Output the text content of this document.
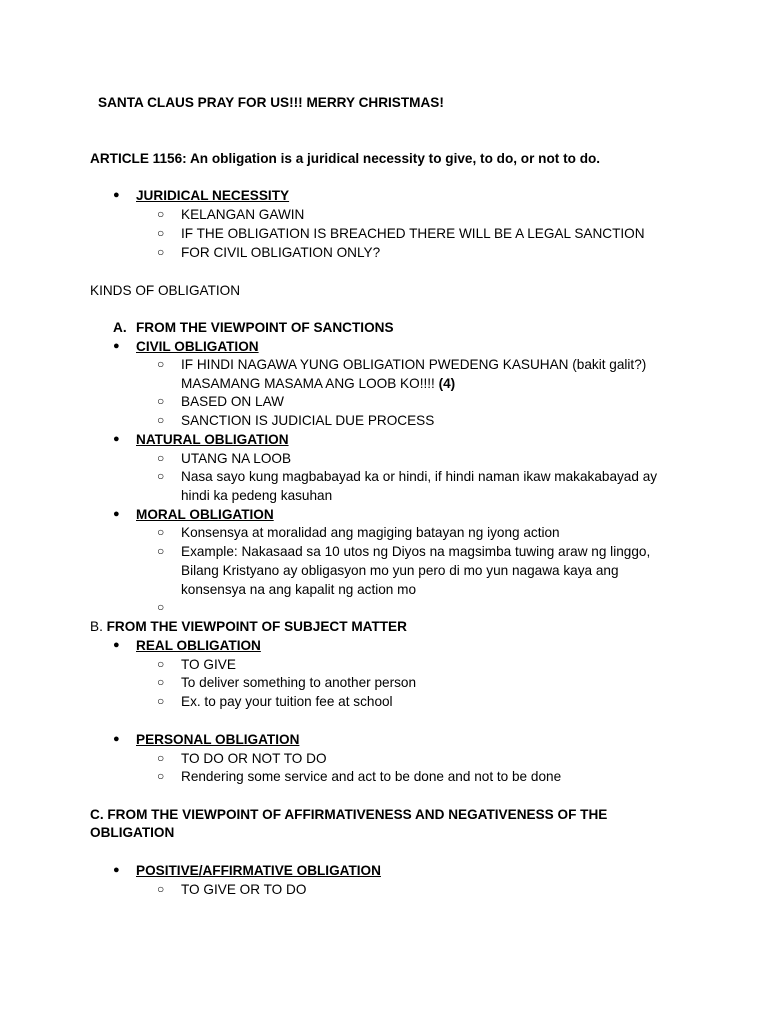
SANTA CLAUS PRAY FOR US!!! MERRY CHRISTMAS!
ARTICLE 1156: An obligation is a juridical necessity to give, to do, or not to do.
● JURIDICAL NECESSITY
○ KELANGAN GAWIN
○ IF THE OBLIGATION IS BREACHED THERE WILL BE A LEGAL SANCTION
○ FOR CIVIL OBLIGATION ONLY?
KINDS OF OBLIGATION
A. FROM THE VIEWPOINT OF SANCTIONS
● CIVIL OBLIGATION
○ IF HINDI NAGAWA YUNG OBLIGATION PWEDENG KASUHAN (bakit galit?)
MASAMANG MASAMA ANG LOOB KO!!!! (4)
○ BASED ON LAW
○ SANCTION IS JUDICIAL DUE PROCESS
● NATURAL OBLIGATION
○ UTANG NA LOOB
○ Nasa sayo kung magbabayad ka or hindi, if hindi naman ikaw makakabayad ay
hindi ka pedeng kasuhan
● MORAL OBLIGATION
○ Konsensya at moralidad ang magiging batayan ng iyong action
○ Example: Nakasaad sa 10 utos ng Diyos na magsimba tuwing araw ng linggo,
Bilang Kristyano ay obligasyon mo yun pero di mo yun nagawa kaya ang
konsensya na ang kapalit ng action mo
○
B. FROM THE VIEWPOINT OF SUBJECT MATTER
● REAL OBLIGATION
○ TO GIVE
○ To deliver something to another person
○ Ex. to pay your tuition fee at school
● PERSONAL OBLIGATION
○ TO DO OR NOT TO DO
○ Rendering some service and act to be done and not to be done
C. FROM THE VIEWPOINT OF AFFIRMATIVENESS AND NEGATIVENESS OF THE
OBLIGATION
● POSITIVE/AFFIRMATIVE OBLIGATION
○ TO GIVE OR TO DO
